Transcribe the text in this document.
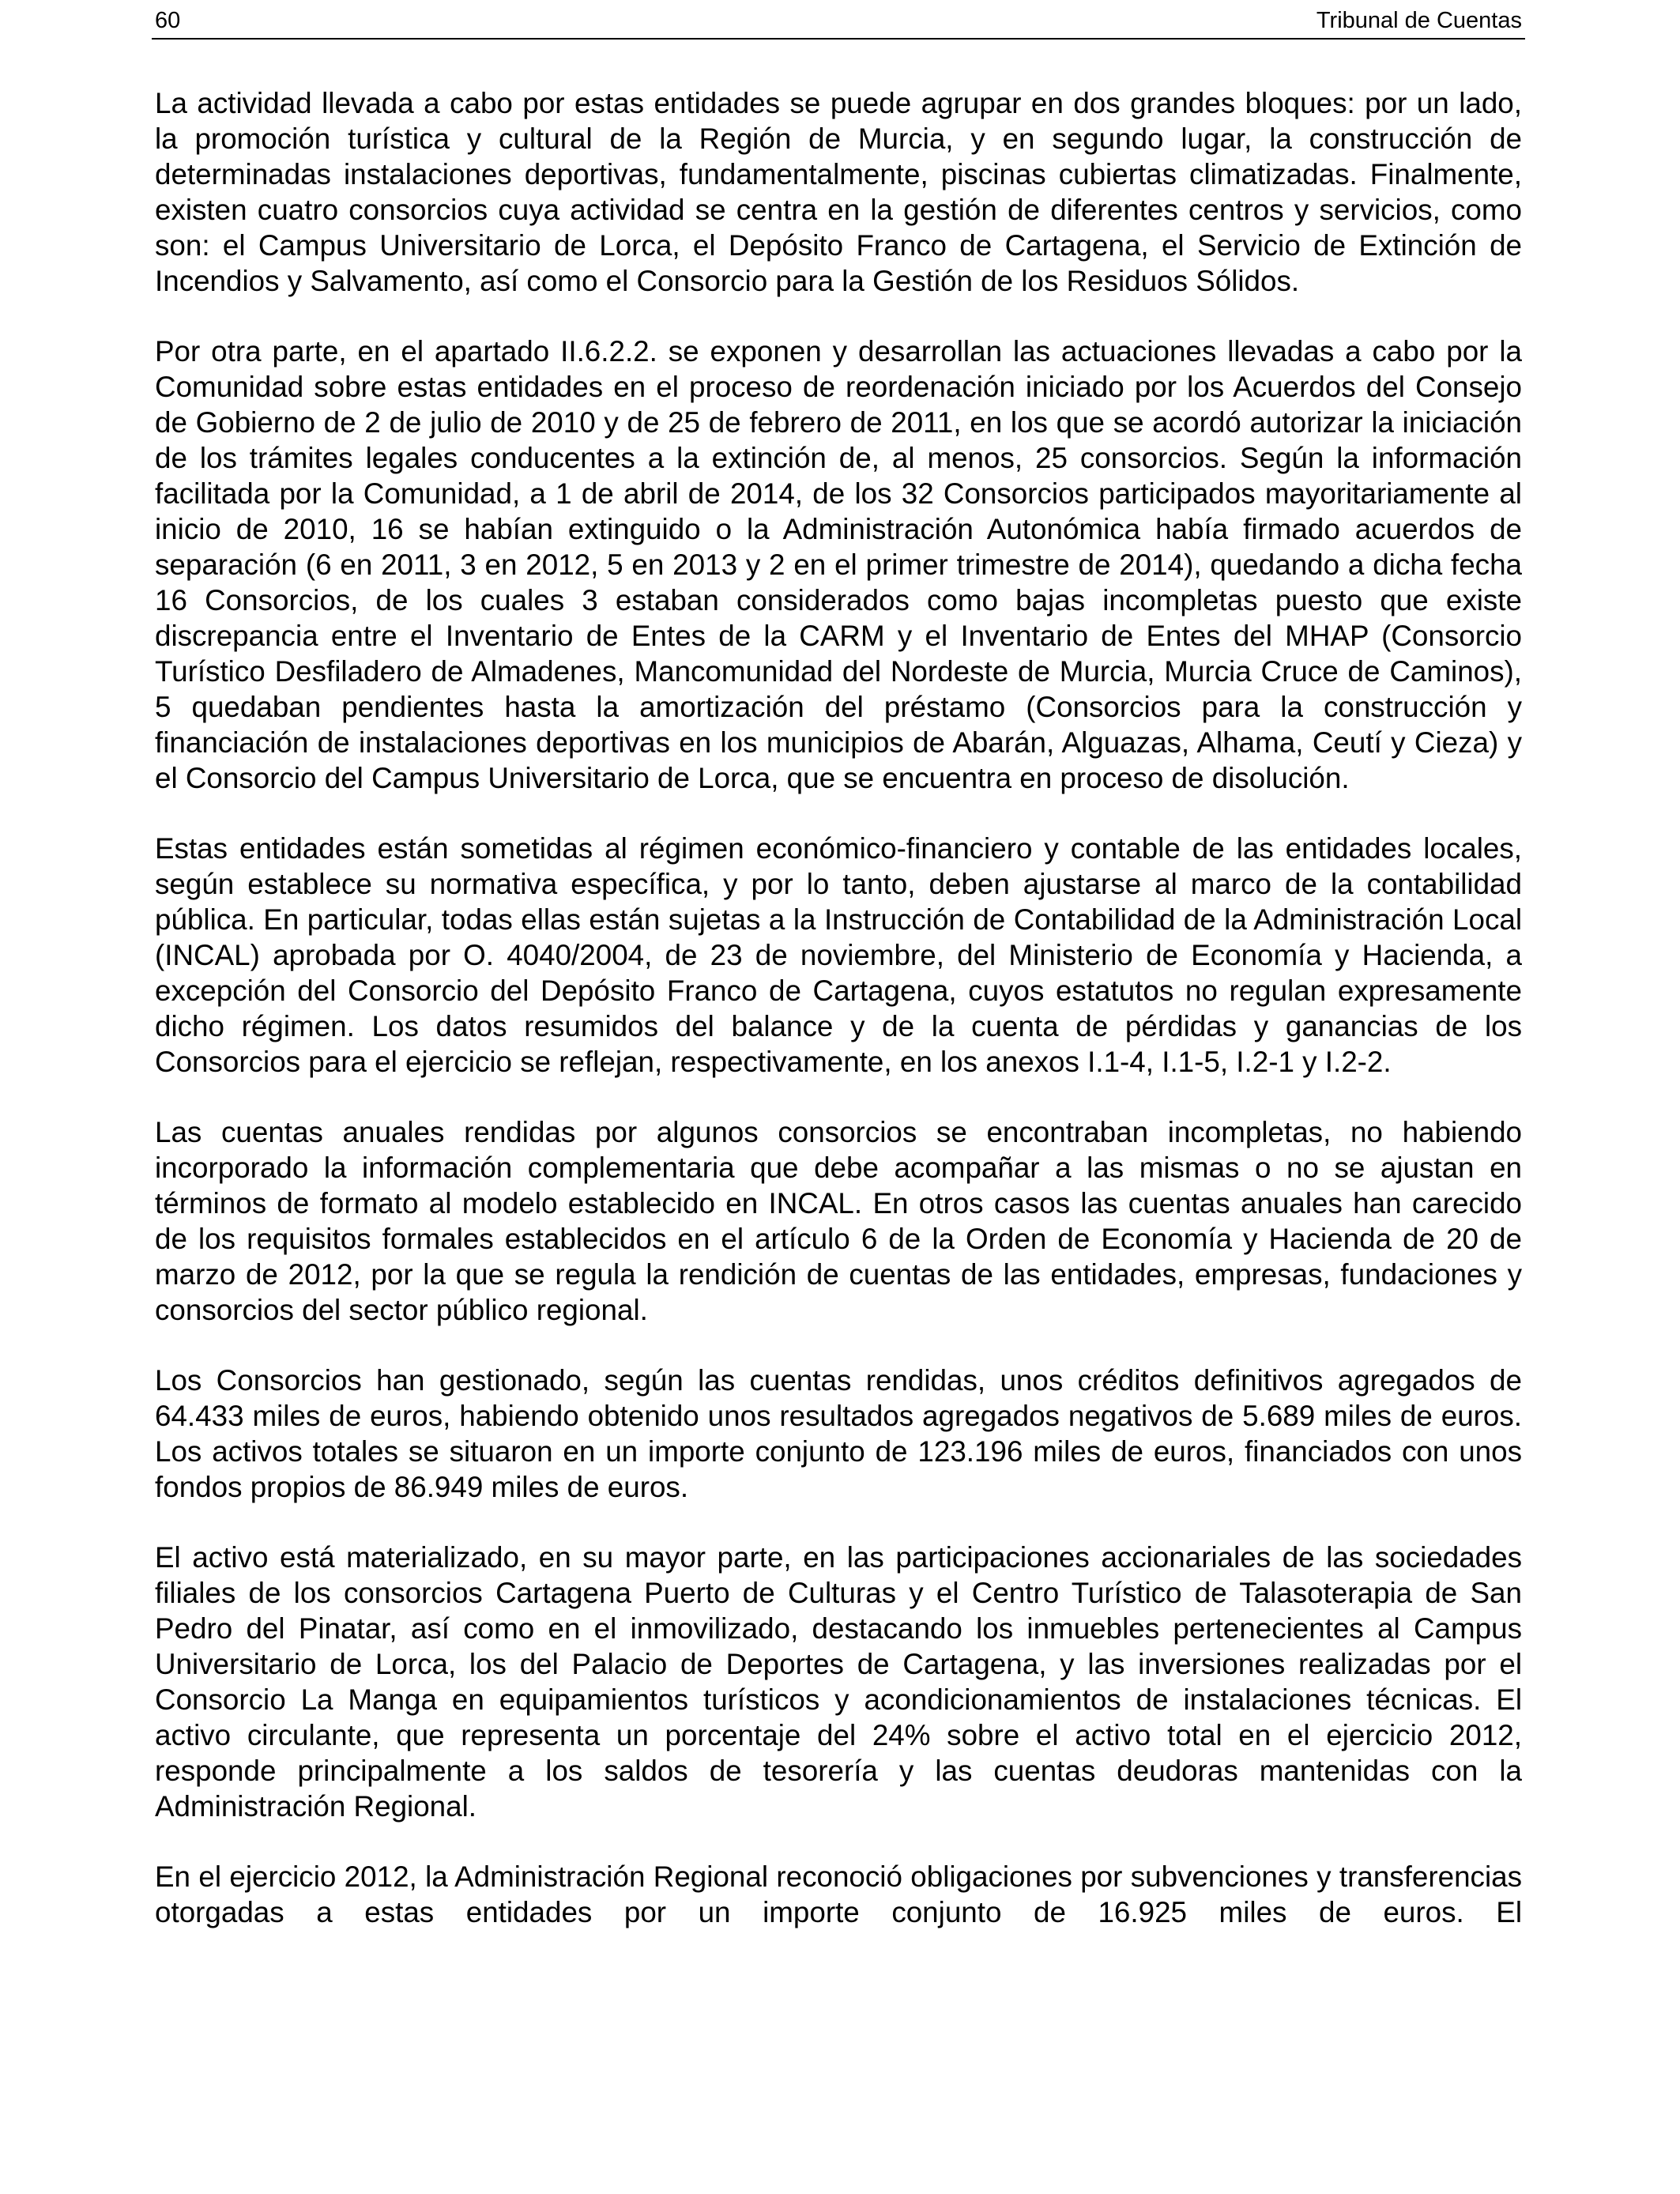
60	Tribunal de Cuentas

La actividad llevada a cabo por estas entidades se puede agrupar en dos grandes bloques: por un lado, la promoción turística y cultural de la Región de Murcia, y en segundo lugar, la construcción de determinadas instalaciones deportivas, fundamentalmente, piscinas cubiertas climatizadas. Finalmente, existen cuatro consorcios cuya actividad se centra en la gestión de diferentes centros y servicios, como son: el Campus Universitario de Lorca, el Depósito Franco de Cartagena, el Servicio de Extinción de Incendios y Salvamento, así como el Consorcio para la Gestión de los Residuos Sólidos.

Por otra parte, en el apartado II.6.2.2. se exponen y desarrollan las actuaciones llevadas a cabo por la Comunidad sobre estas entidades en el proceso de reordenación iniciado por los Acuerdos del Consejo de Gobierno de 2 de julio de 2010 y de 25 de febrero de 2011, en los que se acordó autorizar la iniciación de los trámites legales conducentes a la extinción de, al menos, 25 consorcios. Según la información facilitada por la Comunidad, a 1 de abril de 2014, de los 32 Consorcios participados mayoritariamente al inicio de 2010, 16 se habían extinguido o la Administración Autonómica había firmado acuerdos de separación (6 en 2011, 3 en 2012, 5 en 2013 y 2 en el primer trimestre de 2014), quedando a dicha fecha 16 Consorcios, de los cuales 3 estaban considerados como bajas incompletas puesto que existe discrepancia entre el Inventario de Entes de la CARM y el Inventario de Entes del MHAP (Consorcio Turístico Desfiladero de Almadenes, Mancomunidad del Nordeste de Murcia, Murcia Cruce de Caminos), 5 quedaban pendientes hasta la amortización del préstamo (Consorcios para la construcción y financiación de instalaciones deportivas en los municipios de Abarán, Alguazas, Alhama, Ceutí y Cieza) y el Consorcio del Campus Universitario de Lorca, que se encuentra en proceso de disolución.

Estas entidades están sometidas al régimen económico-financiero y contable de las entidades locales, según establece su normativa específica, y por lo tanto, deben ajustarse al marco de la contabilidad pública. En particular, todas ellas están sujetas a la Instrucción de Contabilidad de la Administración Local (INCAL) aprobada por O. 4040/2004, de 23 de noviembre, del Ministerio de Economía y Hacienda, a excepción del Consorcio del Depósito Franco de Cartagena, cuyos estatutos no regulan expresamente dicho régimen. Los datos resumidos del balance y de la cuenta de pérdidas y ganancias de los Consorcios para el ejercicio se reflejan, respectivamente, en los anexos I.1-4, I.1-5, I.2-1 y I.2-2.

Las cuentas anuales rendidas por algunos consorcios se encontraban incompletas, no habiendo incorporado la información complementaria que debe acompañar a las mismas o no se ajustan en términos de formato al modelo establecido en INCAL. En otros casos las cuentas anuales han carecido de los requisitos formales establecidos en el artículo 6 de la Orden de Economía y Hacienda de 20 de marzo de 2012, por la que se regula la rendición de cuentas de las entidades, empresas, fundaciones y consorcios del sector público regional.

Los Consorcios han gestionado, según las cuentas rendidas, unos créditos definitivos agregados de 64.433 miles de euros, habiendo obtenido unos resultados agregados negativos de 5.689 miles de euros. Los activos totales se situaron en un importe conjunto de 123.196 miles de euros, financiados con unos fondos propios de 86.949 miles de euros.

El activo está materializado, en su mayor parte, en las participaciones accionariales de las sociedades filiales de los consorcios Cartagena Puerto de Culturas y el Centro Turístico de Talasoterapia de San Pedro del Pinatar, así como en el inmovilizado, destacando los inmuebles pertenecientes al Campus Universitario de Lorca, los del Palacio de Deportes de Cartagena, y las inversiones realizadas por el Consorcio La Manga en equipamientos turísticos y acondicionamientos de instalaciones técnicas. El activo circulante, que representa un porcentaje del 24% sobre el activo total en el ejercicio 2012, responde principalmente a los saldos de tesorería y las cuentas deudoras mantenidas con la Administración Regional.

En el ejercicio 2012, la Administración Regional reconoció obligaciones por subvenciones y transferencias otorgadas a estas entidades por un importe conjunto de 16.925 miles de euros. El
